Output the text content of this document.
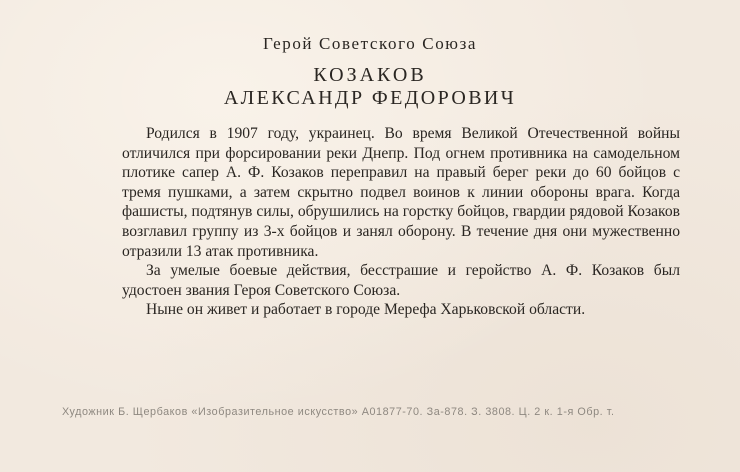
Герой Советского Союза
КОЗАКОВ
АЛЕКСАНДР ФЕДОРОВИЧ

Родился в 1907 году, украинец. Во время Великой Отечественной войны отличился при форсировании реки Днепр. Под огнем противника на самодельном плотике сапер А. Ф. Козаков переправил на правый берег реки до 60 бойцов с тремя пушками, а затем скрытно подвел воинов к линии обороны врага. Когда фашисты, подтянув силы, обрушились на горстку бойцов, гвардии рядовой Козаков возглавил группу из 3-х бойцов и занял оборону. В течение дня они мужественно отразили 13 атак противника.

За умелые боевые действия, бесстрашие и геройство А. Ф. Козаков был удостоен звания Героя Советского Союза.

Ныне он живет и работает в городе Мерефа Харьковской области.

Художник Б. Щербаков «Изобразительное искусство» А01877-70. За-878. З. 3808. Ц. 2 к. 1-я Обр. т.
